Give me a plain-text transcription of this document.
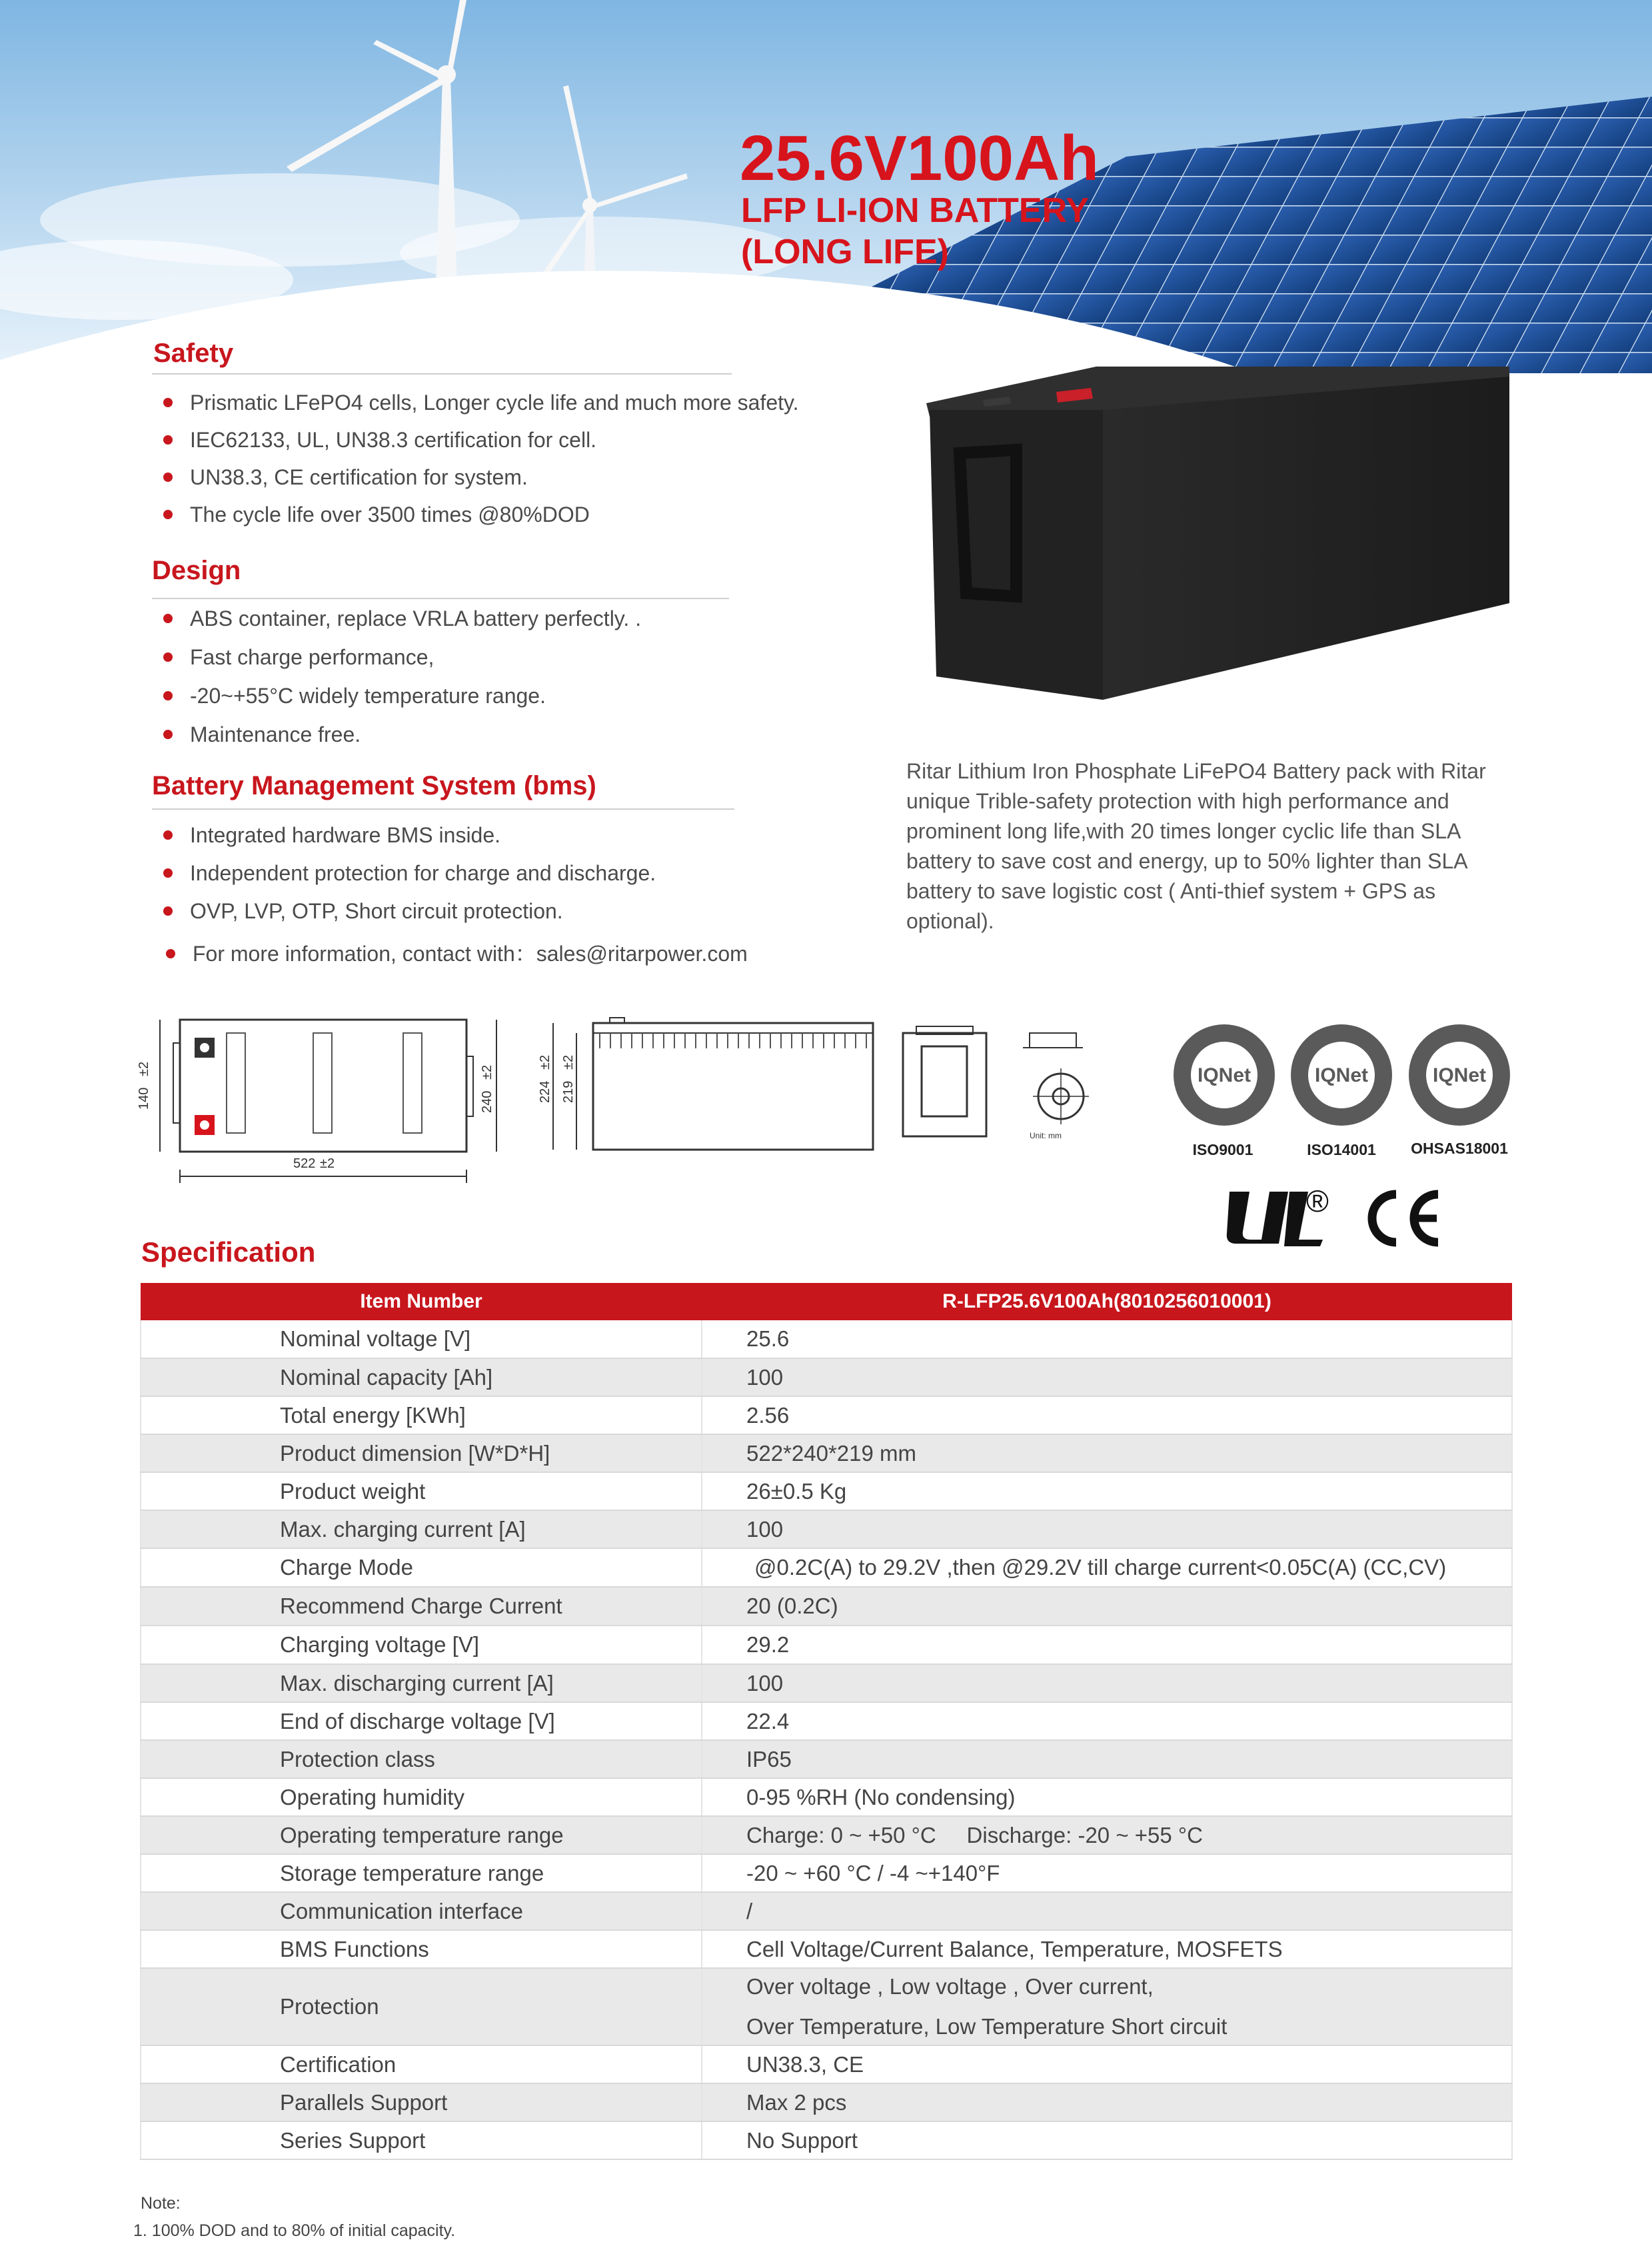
25.6V100Ah
LFP LI-ION BATTERY
(LONG LIFE)
Safety
Prismatic LFePO4 cells, Longer cycle life and much more safety.
IEC62133, UL, UN38.3 certification for cell.
UN38.3, CE certification for system.
The cycle life over 3500 times @80%DOD
Design
ABS container, replace VRLA battery perfectly. .
Fast charge performance,
-20~+55°C widely temperature range.
Maintenance free.
Battery Management System (bms)
Integrated hardware BMS inside.
Independent protection for charge and discharge.
OVP, LVP, OTP, Short circuit protection.
For more information, contact with：sales@ritarpower.com
Ritar Lithium Iron Phosphate LiFePO4 Battery pack with Ritar unique Trible-safety protection with high performance and prominent long life,with 20 times longer cyclic life than SLA battery to save cost and energy, up to 50% lighter than SLA battery to save logistic cost ( Anti-thief system + GPS as optional).
522 ±2
140
±2
240
±2
224
±2
219
±2
Unit: mm
IQNet	IQNet	IQNet
ISO9001	ISO14001	OHSAS18001
®
Specification
Item Number	R-LFP25.6V100Ah(8010256010001)
Nominal voltage [V]	25.6
Nominal capacity [Ah]	100
Total energy [KWh]	2.56
Product dimension [W*D*H]	522*240*219 mm
Product weight	26±0.5 Kg
Max. charging current [A]	100
Charge Mode	@0.2C(A) to 29.2V ,then @29.2V till charge current<0.05C(A) (CC,CV)
Recommend Charge Current	20 (0.2C)
Charging voltage [V]	29.2
Max. discharging current [A]	100
End of discharge voltage [V]	22.4
Protection class	IP65
Operating humidity	0-95 %RH (No condensing)
Operating temperature range	Charge: 0 ~ +50 °C     Discharge: -20 ~ +55 °C
Storage temperature range	-20 ~ +60 °C / -4 ~+140°F
Communication interface	/
BMS Functions	Cell Voltage/Current Balance, Temperature, MOSFETS
Protection	Over voltage , Low voltage , Over current,
Over Temperature, Low Temperature Short circuit

Certification	UN38.3, CE
Parallels Support	Max 2 pcs
Series Support	No Support
Note:
1. 100% DOD and to 80% of initial capacity.
